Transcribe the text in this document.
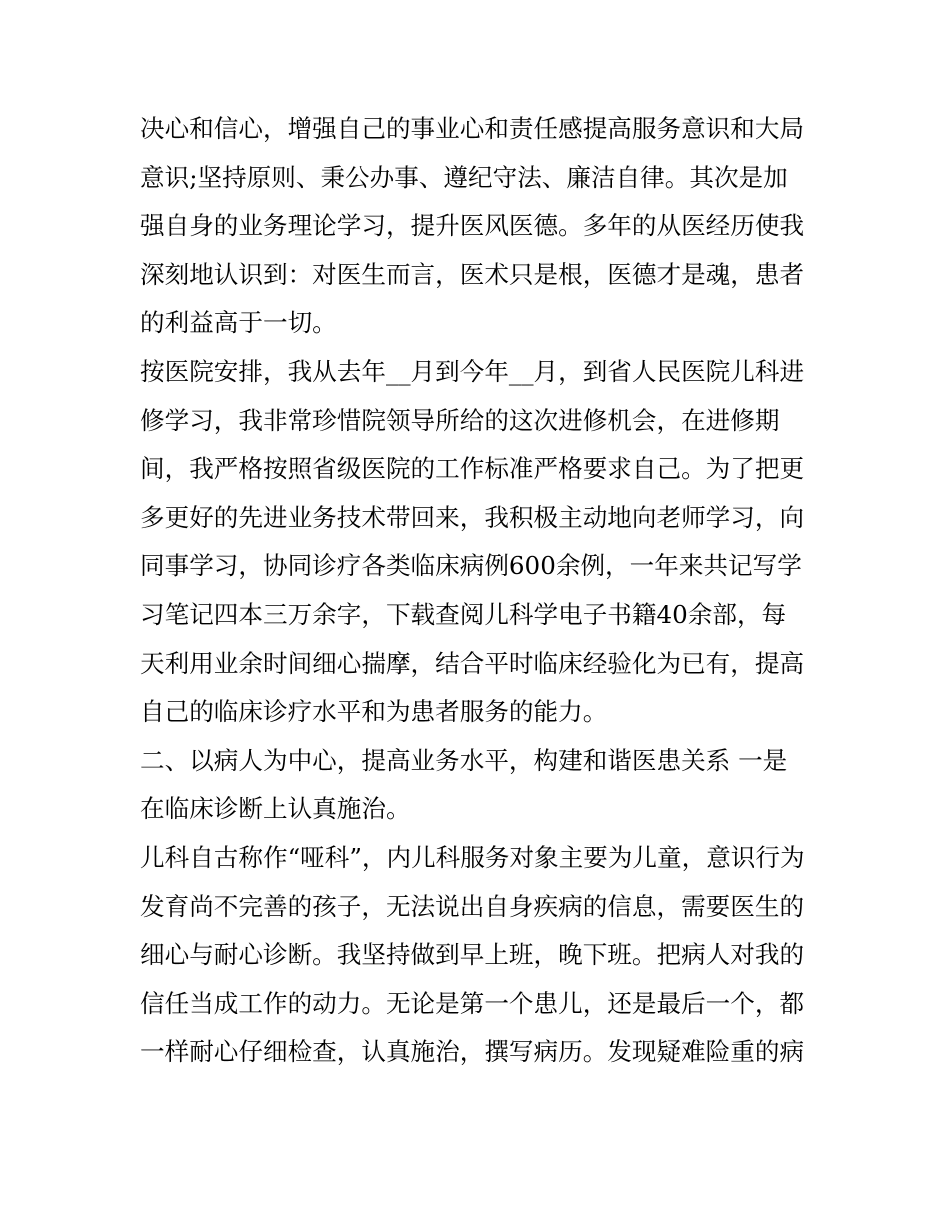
决心和信心，增强自己的事业心和责任感提高服务意识和大局
意识;坚持原则、秉公办事、遵纪守法、廉洁自律。其次是加
强自身的业务理论学习，提升医风医德。多年的从医经历使我
深刻地认识到：对医生而言，医术只是根，医德才是魂，患者
的利益高于一切。
按医院安排，我从去年__月到今年__月，到省人民医院儿科进
修学习，我非常珍惜院领导所给的这次进修机会，在进修期
间，我严格按照省级医院的工作标准严格要求自己。为了把更
多更好的先进业务技术带回来，我积极主动地向老师学习，向
同事学习，协同诊疗各类临床病例600余例，一年来共记写学
习笔记四本三万余字，下载查阅儿科学电子书籍40余部，每
天利用业余时间细心揣摩，结合平时临床经验化为已有，提高
自己的临床诊疗水平和为患者服务的能力。
二、以病人为中心，提高业务水平，构建和谐医患关系 一是
在临床诊断上认真施治。
儿科自古称作“哑科”，内儿科服务对象主要为儿童，意识行为
发育尚不完善的孩子，无法说出自身疾病的信息，需要医生的
细心与耐心诊断。我坚持做到早上班，晚下班。把病人对我的
信任当成工作的动力。无论是第一个患儿，还是最后一个，都
一样耐心仔细检查，认真施治，撰写病历。发现疑难险重的病
